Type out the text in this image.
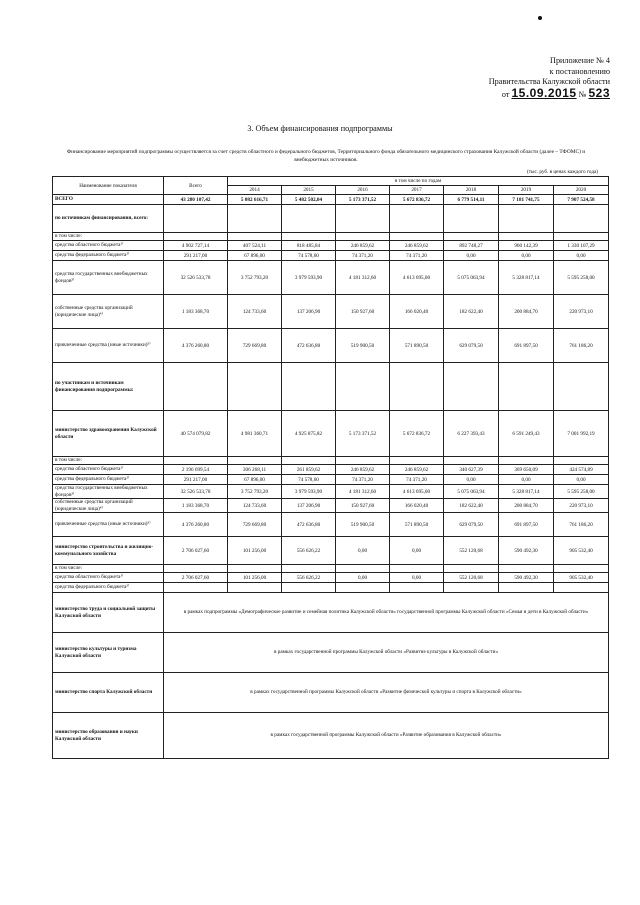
Приложение № 4
к постановлению
Правительства Калужской области
от 15.09.2015 № 523
3. Объем финансирования подпрограммы
Финансирование мероприятий подпрограммы осуществляется за счет средств областного и федерального бюджетов, Территориального фонда обязательного медицинского страхования Калужской области (далее – ТФОМС) и внебюджетных источников.
(тыс. руб. в ценах каждого года)
Наименование показателя	Всего	в том числе по годам						
		2014	2015	2016	2017	2018	2019	2020
ВСЕГО	43 280 107,42	5 082 616,71	5 482 502,04	5 173 371,52	5 672 836,72	6 779 514,11	7 181 741,75	7 907 524,58
по источникам финансирования, всего:								
в том числе:								
средства областного бюджета¹⁾	4 902 727,14	407 524,11	818 485,84	246 859,62	246 859,62	892 748,27	960 142,39	1 330 107,29
средства федерального бюджета²⁾	291 217,00	67 896,00	74 578,60	74 371,20	74 371,20	0,00	0,00	0,00
средства государственных внебюджетных фондов³⁾	32 526 533,78	3 752 793,20	3 979 593,90	4 181 312,60	4 613 695,00	5 075 063,94	5 328 817,14	5 595 258,00
собственные средства организаций (юридические лица)⁴⁾	1 183 368,70	124 733,60	137 206,90	150 927,60	166 020,40	182 622,40	200 884,70	220 973,10
привлеченные средства (иные источники)⁵⁾	4 376 260,80	729 669,80	472 636,80	519 900,50	571 890,50	629 079,50	691 897,50	761 186,20
по участникам и источникам финансирования подпрограммы:								
министерство здравоохранения Калужской области	40 574 079,82	4 981 360,71	4 925 875,82	5 173 371,52	5 672 836,72	6 227 393,43	6 591 249,43	7 001 992,19
в том числе:								
средства областного бюджета¹⁾	2 196 699,54	306 268,11	261 859,62	246 859,62	246 859,62	340 627,39	369 650,09	424 574,89
средства федерального бюджета²⁾	291 217,00	67 896,00	74 578,60	74 371,20	74 371,20	0,00	0,00	0,00
средства государственных внебюджетных фондов³⁾	32 526 533,78	3 752 793,20	3 979 593,90	4 181 312,60	4 613 695,00	5 075 063,94	5 328 817,14	5 595 258,00
собственные средства организаций (юридические лица)⁴⁾	1 183 368,70	124 733,60	137 206,90	150 927,60	166 020,40	182 622,40	200 884,70	220 973,10
привлеченные средства (иные источники)⁵⁾	4 376 260,80	729 669,80	472 636,80	519 900,50	571 890,50	629 079,50	691 897,50	761 186,20
министерство строительства и жилищно-коммунального хозяйства	2 706 027,60	101 256,00	556 626,22	0,00	0,00	552 120,68	590 492,30	905 532,40
в том числе:								
средства областного бюджета¹⁾	2 706 027,60	101 256,00	556 626,22	0,00	0,00	552 120,68	590 492,30	905 532,40
средства федерального бюджета²⁾								
министерство труда и социальной защиты Калужской области	в рамках подпрограммы «Демографическое развитие и семейная политика Калужской области» государственной программы Калужской области «Семья и дети в Калужской области»							
министерство культуры и туризма Калужской области	в рамках государственной программы Калужской области «Развитие культуры в Калужской области»							
министерство спорта Калужской области	в рамках государственной программы Калужской области «Развитие физической культуры и спорта в Калужской области»							
министерство образования и науки Калужской области	в рамках государственной программы Калужской области «Развитие образования в Калужской области»							
